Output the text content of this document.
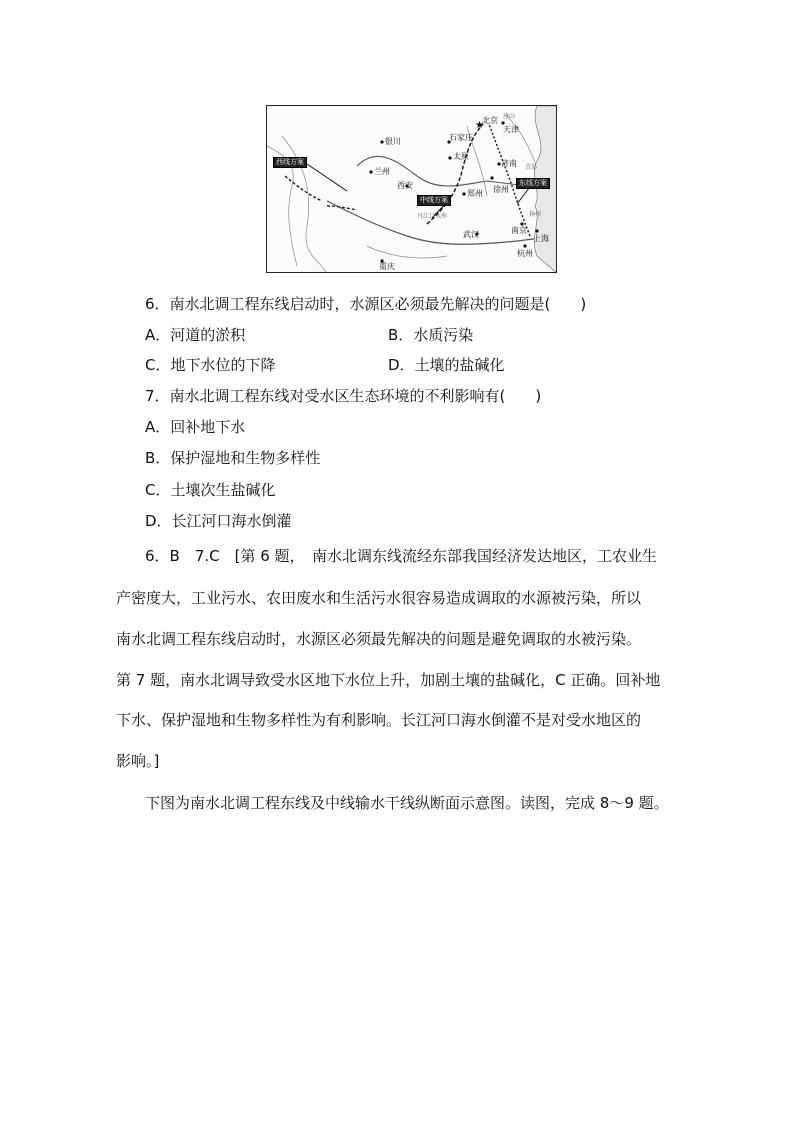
★
北京
天津
唐山
石家庄
太原
银川
兰州
西安
郑州
济南 青岛
徐州
武汉	南京
上海
杭州
扬州
重庆
丹江口水库
西线方案
中线方案
东线方案
6．南水北调工程东线启动时，水源区必须最先解决的问题是(　　)
A．河道的淤积	B．水质污染
C．地下水位的下降	D．土壤的盐碱化
7．南水北调工程东线对受水区生态环境的不利影响有(　　)
A．回补地下水
B．保护湿地和生物多样性
C．土壤次生盐碱化
D．长江河口海水倒灌
6．B　7.C　[第 6 题，　南水北调东线流经东部我国经济发达地区，工农业生
产密度大，工业污水、农田废水和生活污水很容易造成调取的水源被污染，所以
南水北调工程东线启动时，水源区必须最先解决的问题是避免调取的水被污染。
第 7 题，南水北调导致受水区地下水位上升，加剧土壤的盐碱化，C 正确。回补地
下水、保护湿地和生物多样性为有利影响。长江河口海水倒灌不是对受水地区的
影响。]
下图为南水北调工程东线及中线输水干线纵断面示意图。读图，完成 8～9 题。
